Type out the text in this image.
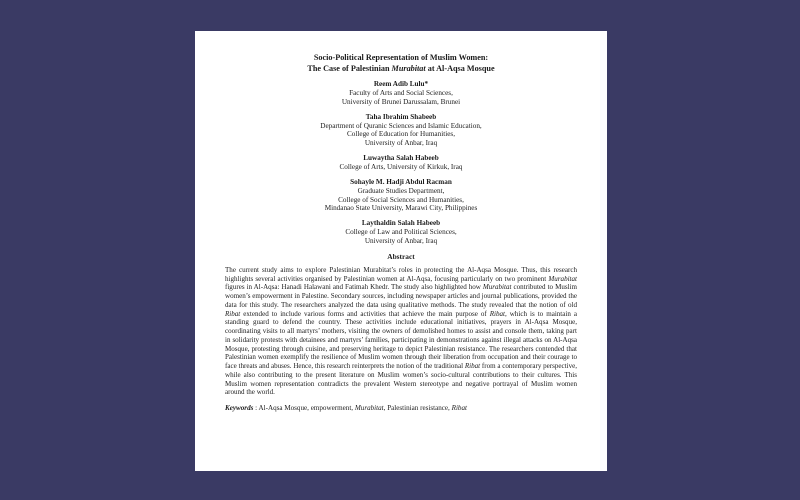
Socio-Political Representation of Muslim Women:
The Case of Palestinian Murabitat at Al-Aqsa Mosque
Reem Adib Lulu*
Faculty of Arts and Social Sciences,
University of Brunei Darussalam, Brunei
Taha Ibrahim Shabeeb
Department of Quranic Sciences and Islamic Education,
College of Education for Humanities,
University of Anbar, Iraq
Luwaytha Salah Habeeb
College of Arts, University of Kirkuk, Iraq
Sohayle M. Hadji Abdul Racman
Graduate Studies Department,
College of Social Sciences and Humanities,
Mindanao State University, Marawi City, Philippines
Laythaldin Salah Habeeb
College of Law and Political Sciences,
University of Anbar, Iraq
Abstract

The current study aims to explore Palestinian Murabitat’s roles in protecting the Al-Aqsa Mosque. Thus, this research highlights several activities organised by Palestinian women at Al-Aqsa, focusing particularly on two prominent Murabitat figures in Al-Aqsa: Hanadi Halawani and Fatimah Khedr. The study also highlighted how Murabitat contributed to Muslim women’s empowerment in Palestine. Secondary sources, including newspaper articles and journal publications, provided the data for this study. The researchers analyzed the data using qualitative methods. The study revealed that the notion of old Ribat extended to include various forms and activities that achieve the main purpose of Ribat, which is to maintain a standing guard to defend the country. These activities include educational initiatives, prayers in Al-Aqsa Mosque, coordinating visits to all martyrs’ mothers, visiting the owners of demolished homes to assist and console them, taking part in solidarity protests with detainees and martyrs’ families, participating in demonstrations against illegal attacks on Al-Aqsa Mosque, protesting through cuisine, and preserving heritage to depict Palestinian resistance. The researchers contended that Palestinian women exemplify the resilience of Muslim women through their liberation from occupation and their courage to face threats and abuses. Hence, this research reinterprets the notion of the traditional Ribat from a contemporary perspective, while also contributing to the present literature on Muslim women’s socio-cultural contributions to their cultures. This Muslim women representation contradicts the prevalent Western stereotype and negative portrayal of Muslim women around the world.

Keywords : Al-Aqsa Mosque, empowerment, Murabitat, Palestinian resistance, Ribat
